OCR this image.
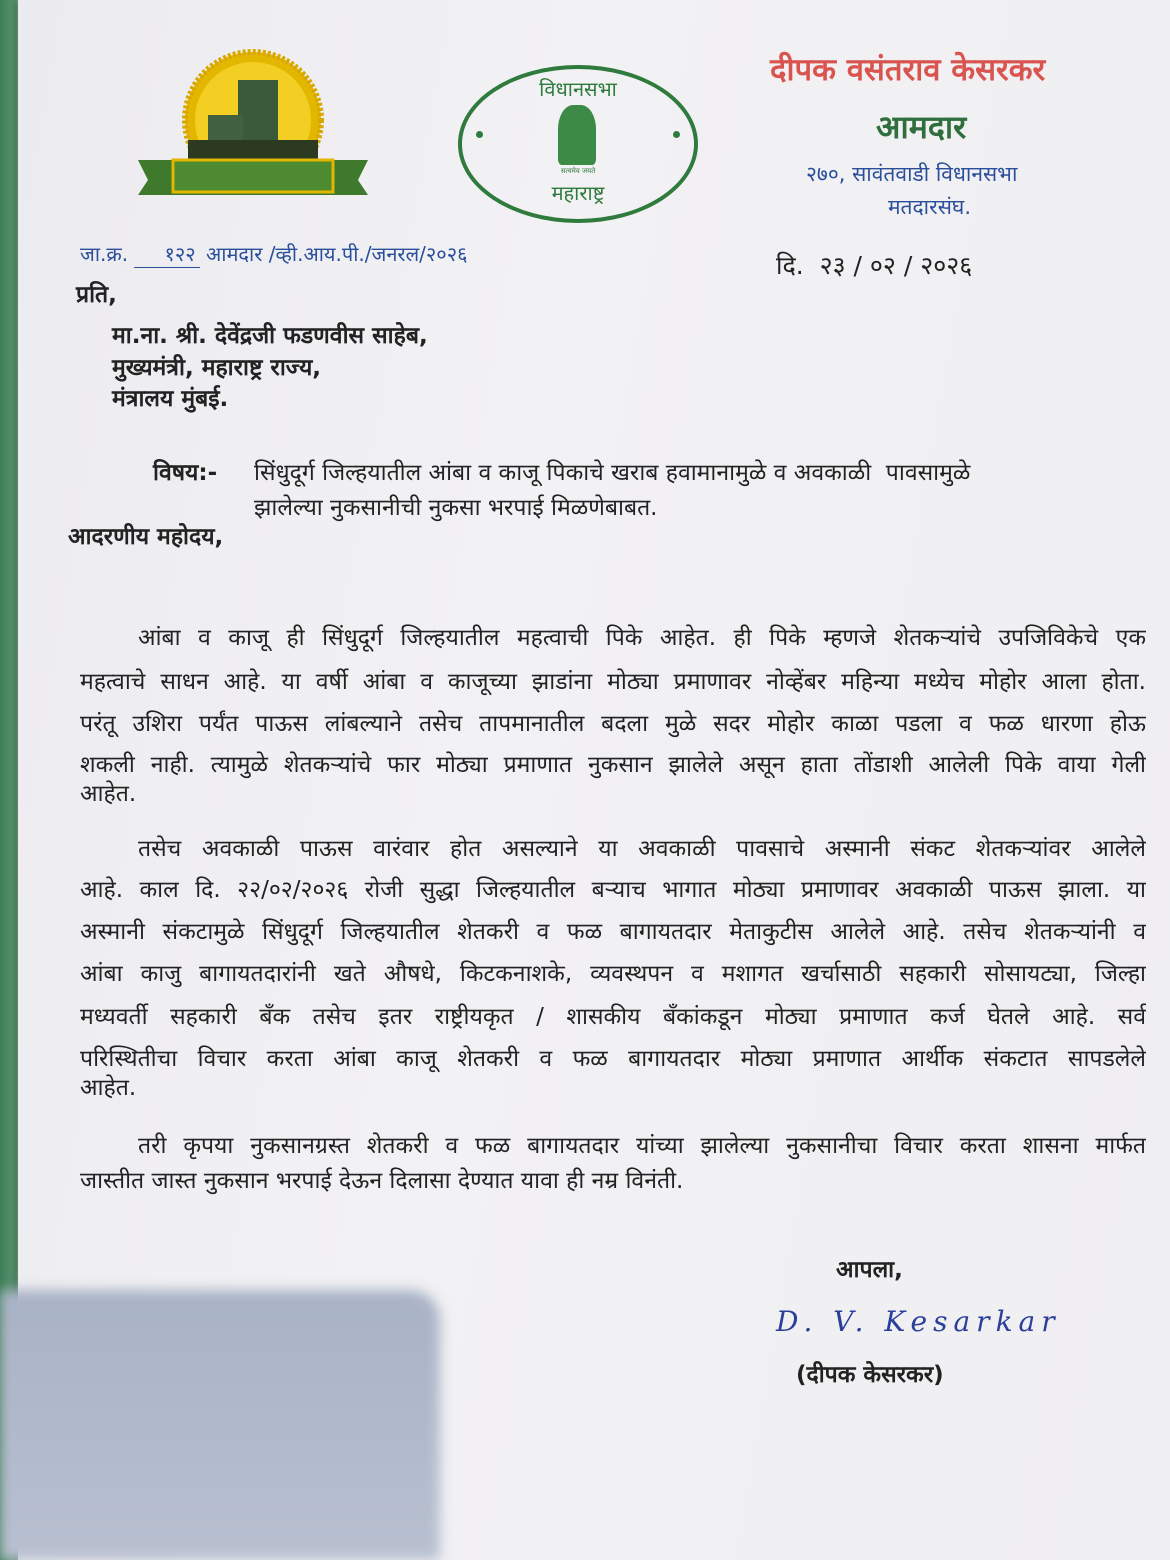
विधानसभा
सत्यमेव जयते
महाराष्ट्र
दीपक वसंतराव केसरकर
आमदार
२७०, सावंतवाडी विधानसभा
मतदारसंघ.
जा.क्र. १२२ आमदार /व्ही.आय.पी./जनरल/२०२६	दि.  २३ / ०२ / २०२६
प्रति,
मा.ना. श्री. देवेंद्रजी फडणवीस साहेब,
मुख्यमंत्री, महाराष्ट्र राज्य,
मंत्रालय मुंबई.
विषय:- सिंधुदूर्ग जिल्हयातील आंबा व काजू पिकाचे खराब हवामानामुळे व अवकाळी  पावसामुळे
झालेल्या नुकसानीची नुकसा भरपाई मिळणेबाबत.
आदरणीय महोदय,
आंबा व काजू ही सिंधुदूर्ग जिल्हयातील महत्वाची पिके आहेत. ही पिके म्हणजे शेतकऱ्यांचे उपजिविकेचे एक
महत्वाचे साधन आहे. या वर्षी आंबा व काजूच्या झाडांना मोठ्या प्रमाणावर नोव्हेंबर महिन्या मध्येच मोहोर आला होता.
परंतू उशिरा पर्यंत पाऊस लांबल्याने तसेच तापमानातील बदला मुळे सदर मोहोर काळा पडला व फळ धारणा होऊ
शकली नाही. त्यामुळे शेतकऱ्यांचे फार मोठ्या प्रमाणात नुकसान झालेले असून हाता तोंडाशी आलेली पिके वाया गेली
आहेत.
तसेच अवकाळी पाऊस वारंवार होत असल्याने या अवकाळी पावसाचे अस्मानी संकट शेतकऱ्यांवर आलेले
आहे. काल दि. २२/०२/२०२६ रोजी सुद्धा जिल्हयातील बऱ्याच भागात मोठ्या प्रमाणावर अवकाळी पाऊस झाला. या
अस्मानी संकटामुळे सिंधुदूर्ग जिल्हयातील शेतकरी व फळ बागायतदार मेताकुटीस आलेले आहे. तसेच शेतकऱ्यांनी व
आंबा काजु बागायतदारांनी खते औषधे, किटकनाशके, व्यवस्थपन व मशागत खर्चासाठी सहकारी सोसायट्या, जिल्हा
मध्यवर्ती सहकारी बँक तसेच इतर राष्ट्रीयकृत / शासकीय बँकांकडून मोठ्या प्रमाणात कर्ज घेतले आहे. सर्व
परिस्थितीचा विचार करता आंबा काजू शेतकरी व फळ बागायतदार मोठ्या प्रमाणात आर्थीक संकटात सापडलेले
आहेत.
तरी कृपया नुकसानग्रस्त शेतकरी व फळ बागायतदार यांच्या झालेल्या नुकसानीचा विचार करता शासना मार्फत
जास्तीत जास्त नुकसान भरपाई देऊन दिलासा देण्यात यावा ही नम्र विनंती.
आपला,
D. V. Kesarkar
(दीपक केसरकर)
